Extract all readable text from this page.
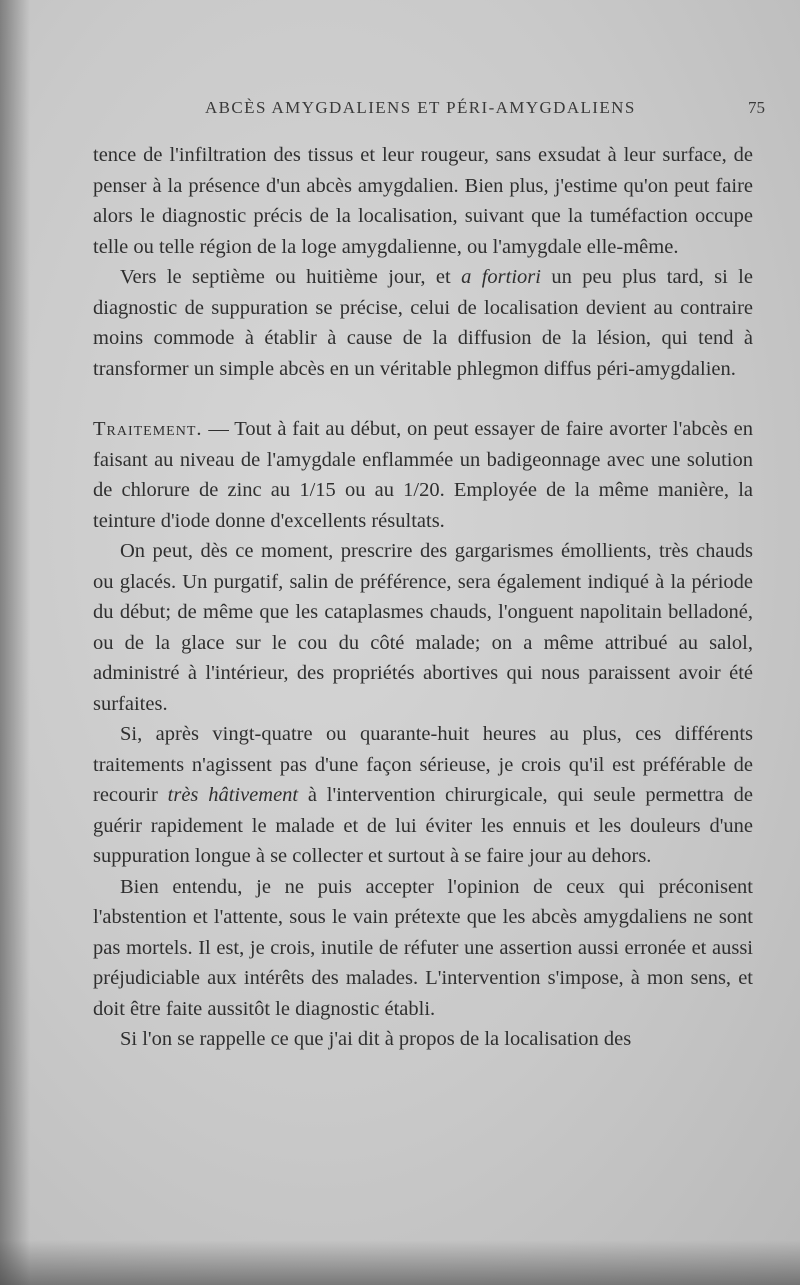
ABCÈS AMYGDALIENS ET PÉRI-AMYGDALIENS	75

tence de l'infiltration des tissus et leur rougeur, sans exsudat à leur surface, de penser à la présence d'un abcès amygdalien. Bien plus, j'estime qu'on peut faire alors le diagnostic précis de la localisation, suivant que la tuméfaction occupe telle ou telle région de la loge amygdalienne, ou l'amygdale elle-même.

Vers le septième ou huitième jour, et a fortiori un peu plus tard, si le diagnostic de suppuration se précise, celui de localisation devient au contraire moins commode à établir à cause de la diffusion de la lésion, qui tend à transformer un simple abcès en un véritable phlegmon diffus péri-amygdalien.

Traitement. — Tout à fait au début, on peut essayer de faire avorter l'abcès en faisant au niveau de l'amygdale enflammée un badigeonnage avec une solution de chlorure de zinc au 1/15 ou au 1/20. Employée de la même manière, la teinture d'iode donne d'excellents résultats.

On peut, dès ce moment, prescrire des gargarismes émollients, très chauds ou glacés. Un purgatif, salin de préférence, sera également indiqué à la période du début; de même que les cataplasmes chauds, l'onguent napolitain belladoné, ou de la glace sur le cou du côté malade; on a même attribué au salol, administré à l'intérieur, des propriétés abortives qui nous paraissent avoir été surfaites.

Si, après vingt-quatre ou quarante-huit heures au plus, ces différents traitements n'agissent pas d'une façon sérieuse, je crois qu'il est préférable de recourir très hâtivement à l'intervention chirurgicale, qui seule permettra de guérir rapidement le malade et de lui éviter les ennuis et les douleurs d'une suppuration longue à se collecter et surtout à se faire jour au dehors.

Bien entendu, je ne puis accepter l'opinion de ceux qui préconisent l'abstention et l'attente, sous le vain prétexte que les abcès amygdaliens ne sont pas mortels. Il est, je crois, inutile de réfuter une assertion aussi erronée et aussi préjudiciable aux intérêts des malades. L'intervention s'impose, à mon sens, et doit être faite aussitôt le diagnostic établi.

Si l'on se rappelle ce que j'ai dit à propos de la localisation des
